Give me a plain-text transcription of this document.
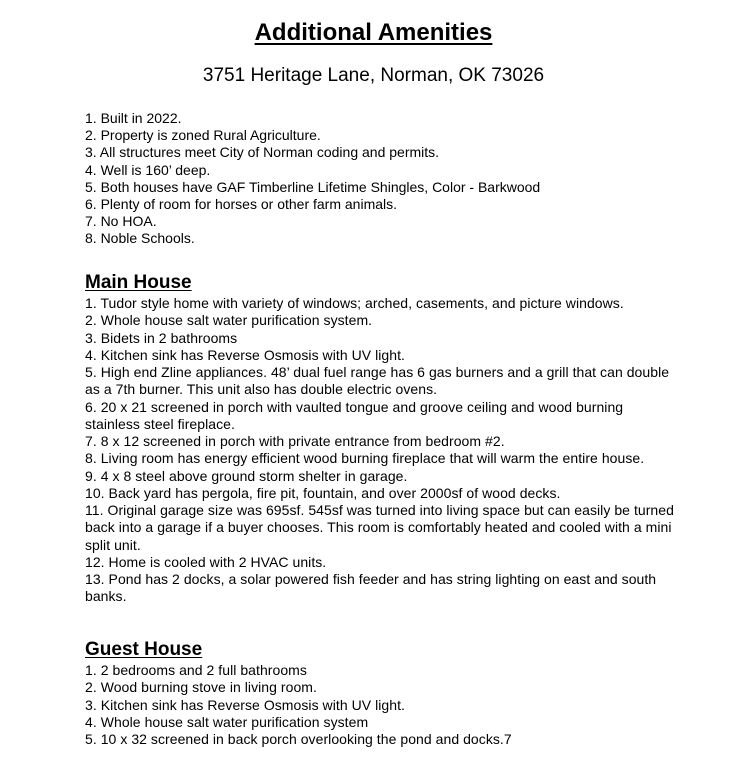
Additional Amenities
3751 Heritage Lane, Norman, OK 73026
1. Built in 2022.
2. Property is zoned Rural Agriculture.
3. All structures meet City of Norman coding and permits.
4. Well is 160’ deep.
5. Both houses have GAF Timberline Lifetime Shingles, Color - Barkwood
6. Plenty of room for horses or other farm animals.
7. No HOA.
8. Noble Schools.
Main House
1. Tudor style home with variety of windows; arched, casements, and picture windows.
2. Whole house salt water purification system.
3. Bidets in 2 bathrooms
4. Kitchen sink has Reverse Osmosis with UV light.
5. High end Zline appliances. 48’ dual fuel range has 6 gas burners and a grill that can double as a 7th burner. This unit also has double electric ovens.
6. 20 x 21 screened in porch with vaulted tongue and groove ceiling and wood burning stainless steel fireplace.
7. 8 x 12 screened in porch with private entrance from bedroom #2.
8. Living room has energy efficient wood burning fireplace that will warm the entire house.
9. 4 x 8 steel above ground storm shelter in garage.
10. Back yard has pergola, fire pit, fountain, and over 2000sf of wood decks.
11. Original garage size was 695sf. 545sf was turned into living space but can easily be turned back into a garage if a buyer chooses. This room is comfortably heated and cooled with a mini split unit.
12. Home is cooled with 2 HVAC units.
13. Pond has 2 docks, a solar powered fish feeder and has string lighting on east and south banks.
Guest House
1. 2 bedrooms and 2 full bathrooms
2. Wood burning stove in living room.
3. Kitchen sink has Reverse Osmosis with UV light.
4. Whole house salt water purification system
5. 10 x 32 screened in back porch overlooking the pond and docks.7
